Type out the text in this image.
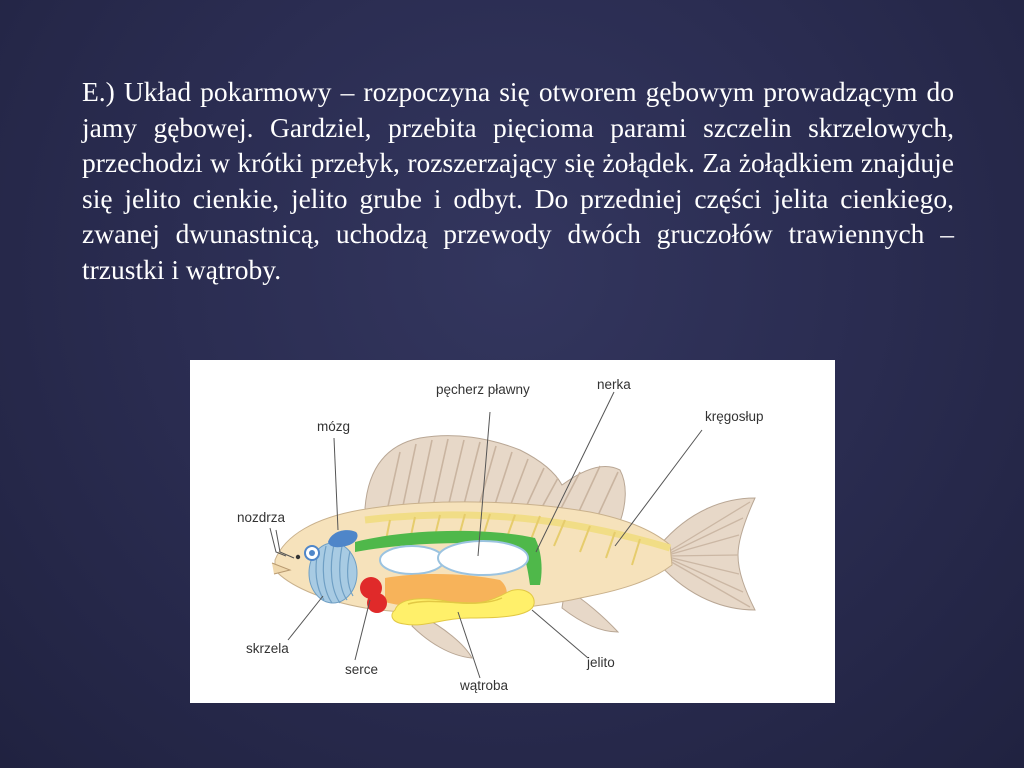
E.) Układ pokarmowy – rozpoczyna się otworem gębowym prowadzącym do jamy gębowej. Gardziel, przebita pięcioma parami szczelin skrzelowych, przechodzi w krótki przełyk, rozszerzający się żołądek. Za żołądkiem znajduje się jelito cienkie, jelito grube i odbyt. Do przedniej części jelita cienkiego, zwanej dwunastnicą, uchodzą przewody dwóch gruczołów trawiennych – trzustki i wątroby.

pęcherz pławny	nerka
kręgosłup
mózg
nozdrza
skrzela
serce
wątroba
jelito
